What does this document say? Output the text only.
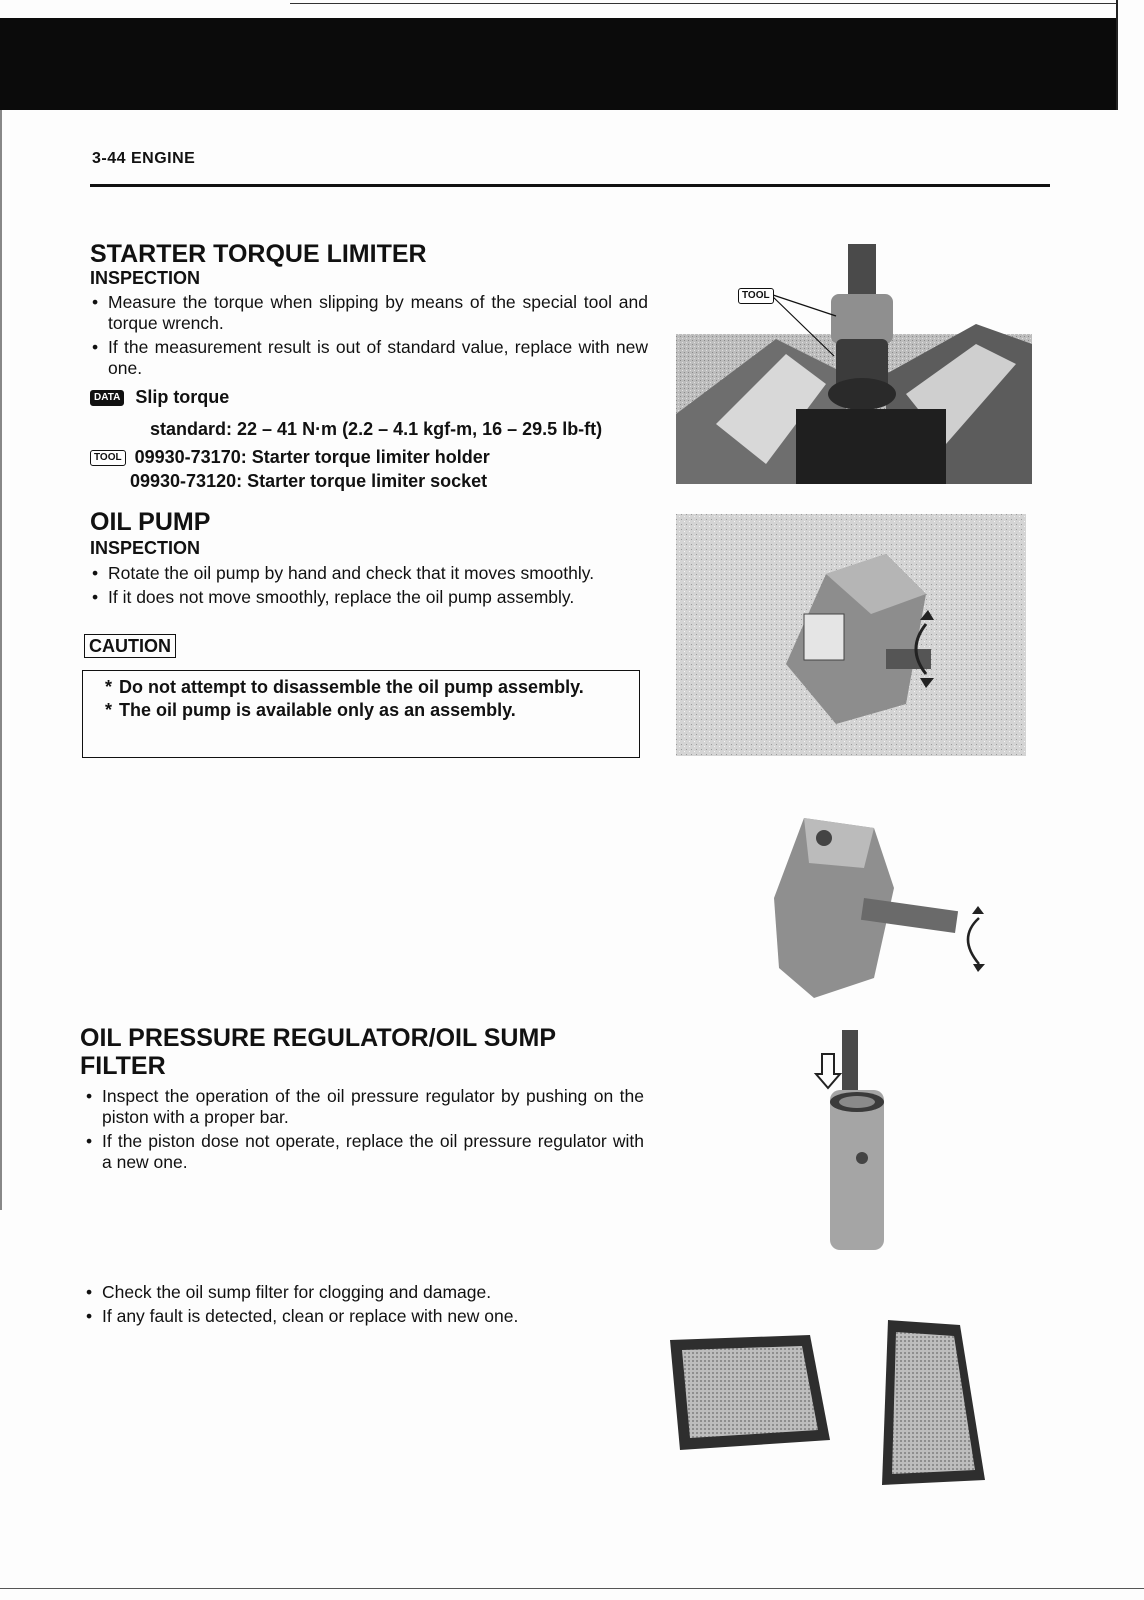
3-44 ENGINE
STARTER TORQUE LIMITER
INSPECTION
• Measure the torque when slipping by means of the special tool and torque wrench.
• If the measurement result is out of standard value, replace with new one.
DATA Slip torque
standard: 22 – 41 N·m (2.2 – 4.1 kgf-m, 16 – 29.5 lb-ft)
TOOL 09930-73170: Starter torque limiter holder
09930-73120: Starter torque limiter socket
OIL PUMP
INSPECTION
• Rotate the oil pump by hand and check that it moves smoothly.
• If it does not move smoothly, replace the oil pump assembly.
CAUTION
* Do not attempt to disassemble the oil pump assembly.
* The oil pump is available only as an assembly.
OIL PRESSURE REGULATOR/OIL SUMP FILTER
• Inspect the operation of the oil pressure regulator by pushing on the piston with a proper bar.
• If the piston dose not operate, replace the oil pressure regulator with a new one.
• Check the oil sump filter for clogging and damage.
• If any fault is detected, clean or replace with new one.
TOOL
